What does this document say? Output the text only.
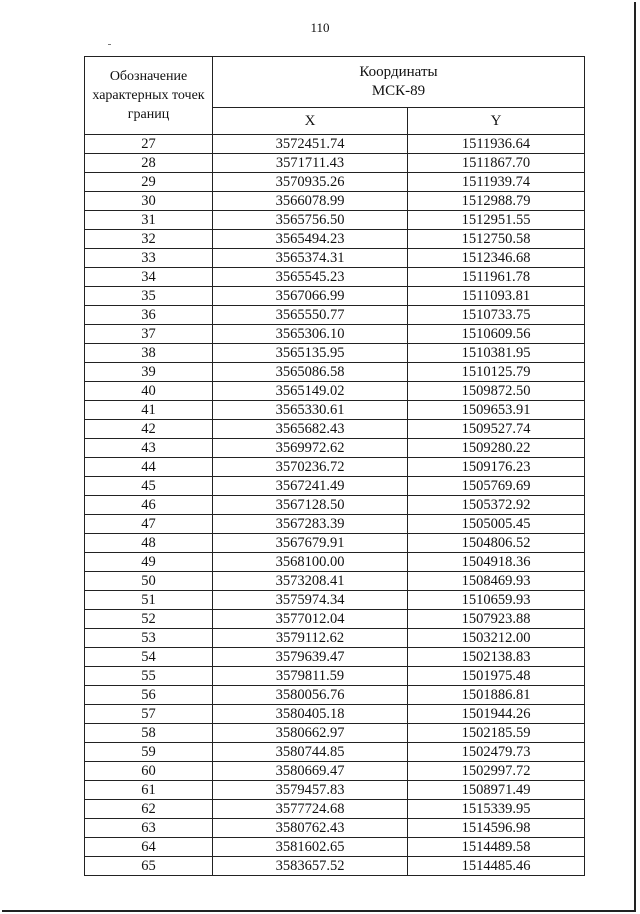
110
Обозначение характерных точек границ	Координаты
МСК-89	

	X	Y
27	3572451.74	1511936.64
28	3571711.43	1511867.70
29	3570935.26	1511939.74
30	3566078.99	1512988.79
31	3565756.50	1512951.55
32	3565494.23	1512750.58
33	3565374.31	1512346.68
34	3565545.23	1511961.78
35	3567066.99	1511093.81
36	3565550.77	1510733.75
37	3565306.10	1510609.56
38	3565135.95	1510381.95
39	3565086.58	1510125.79
40	3565149.02	1509872.50
41	3565330.61	1509653.91
42	3565682.43	1509527.74
43	3569972.62	1509280.22
44	3570236.72	1509176.23
45	3567241.49	1505769.69
46	3567128.50	1505372.92
47	3567283.39	1505005.45
48	3567679.91	1504806.52
49	3568100.00	1504918.36
50	3573208.41	1508469.93
51	3575974.34	1510659.93
52	3577012.04	1507923.88
53	3579112.62	1503212.00
54	3579639.47	1502138.83
55	3579811.59	1501975.48
56	3580056.76	1501886.81
57	3580405.18	1501944.26
58	3580662.97	1502185.59
59	3580744.85	1502479.73
60	3580669.47	1502997.72
61	3579457.83	1508971.49
62	3577724.68	1515339.95
63	3580762.43	1514596.98
64	3581602.65	1514489.58
65	3583657.52	1514485.46
